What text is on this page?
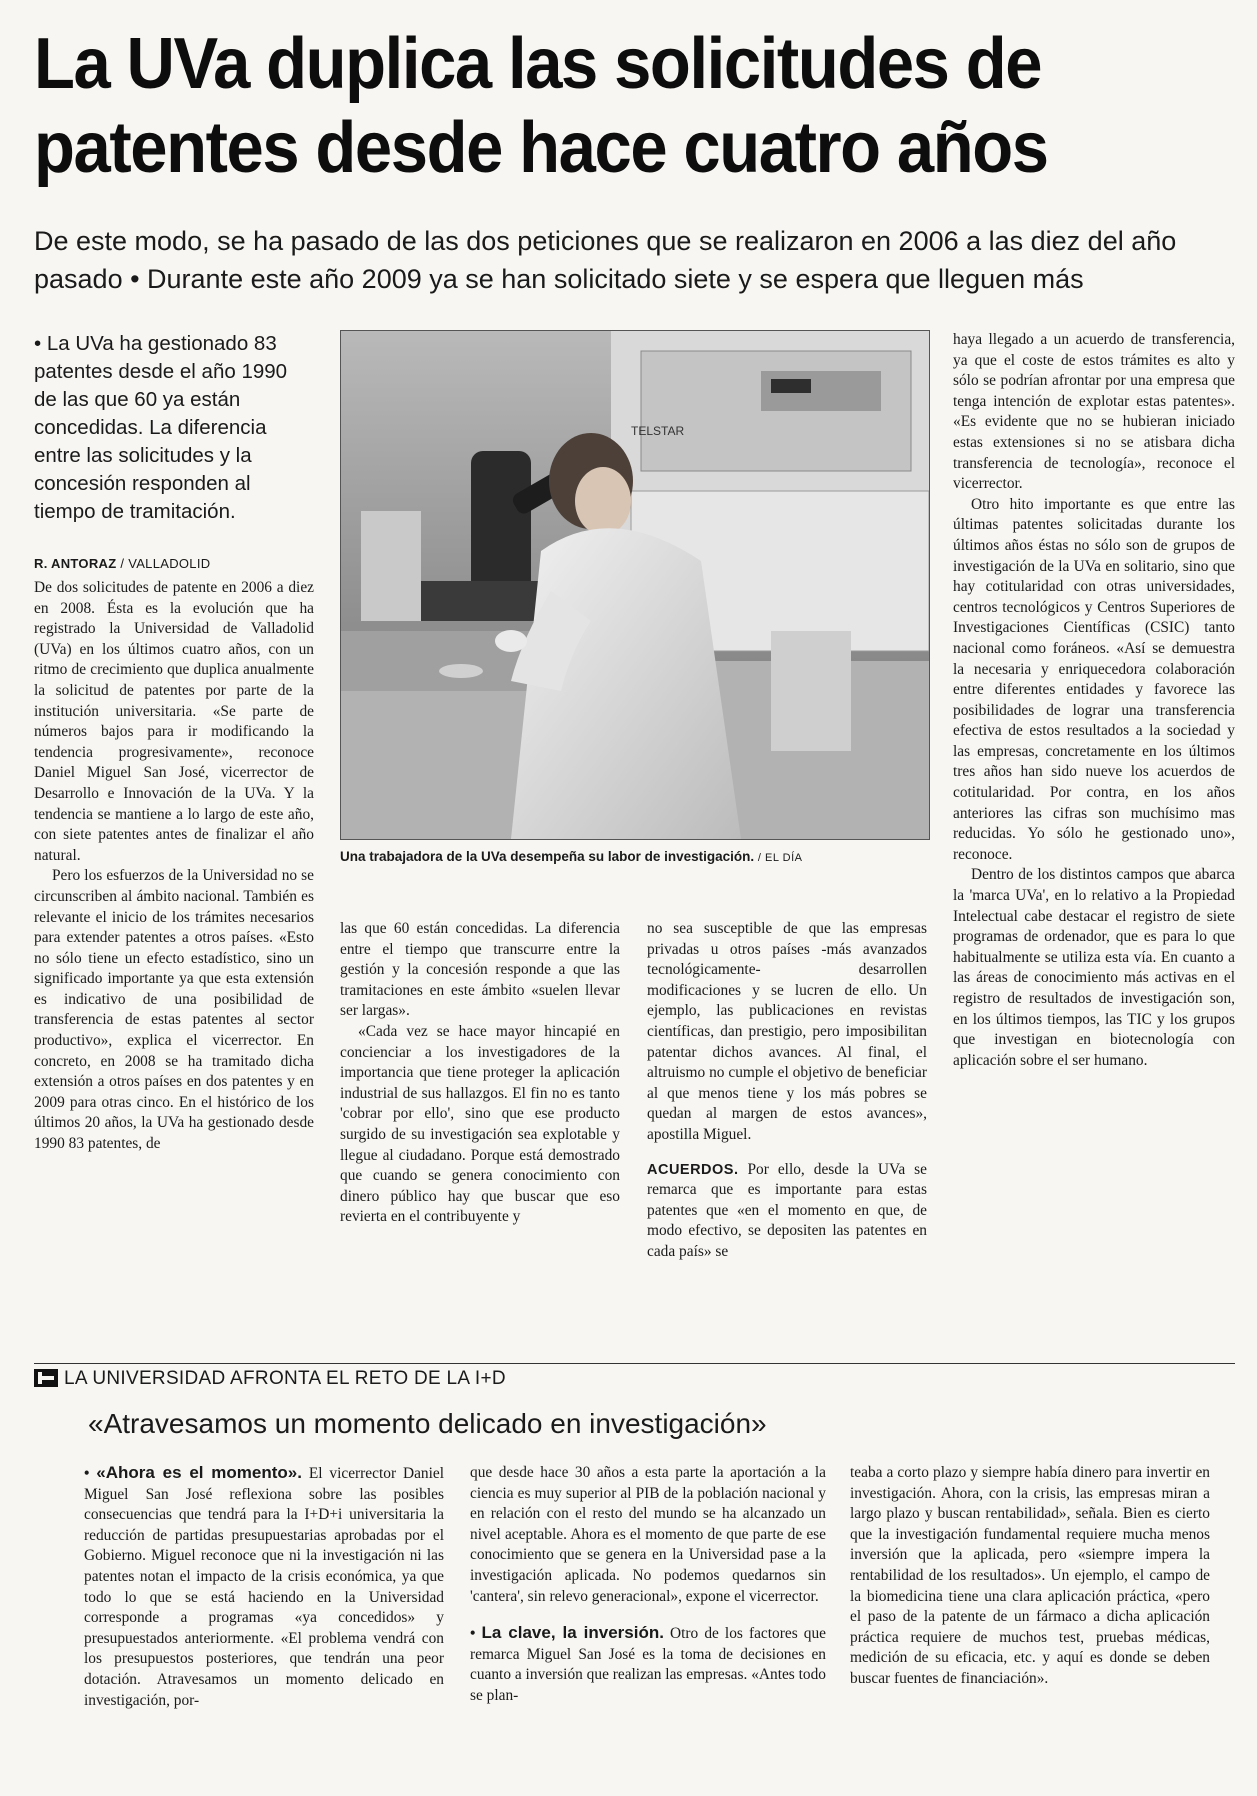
La UVa duplica las solicitudes de patentes desde hace cuatro años

De este modo, se ha pasado de las dos peticiones que se realizaron en 2006 a las diez del año pasado • Durante este año 2009 ya se han solicitado siete y se espera que lleguen más

• La UVa ha gestionado 83 patentes desde el año 1990 de las que 60 ya están concedidas. La diferencia entre las solicitudes y la concesión responden al tiempo de tramitación.

R. ANTORAZ / VALLADOLID

De dos solicitudes de patente en 2006 a diez en 2008. Ésta es la evolución que ha registrado la Universidad de Valladolid (UVa) en los últimos cuatro años, con un ritmo de crecimiento que duplica anualmente la solicitud de patentes por parte de la institución universitaria. «Se parte de números bajos para ir modificando la tendencia progresivamente», reconoce Daniel Miguel San José, vicerrector de Desarrollo e Innovación de la UVa. Y la tendencia se mantiene a lo largo de este año, con siete patentes antes de finalizar el año natural.

Pero los esfuerzos de la Universidad no se circunscriben al ámbito nacional. También es relevante el inicio de los trámites necesarios para extender patentes a otros países. «Esto no sólo tiene un efecto estadístico, sino un significado importante ya que esta extensión es indicativo de una posibilidad de transferencia de estas patentes al sector productivo», explica el vicerrector. En concreto, en 2008 se ha tramitado dicha extensión a otros países en dos patentes y en 2009 para otras cinco. En el histórico de los últimos 20 años, la UVa ha gestionado desde 1990 83 patentes, de

TELSTAR
Una trabajadora de la UVa desempeña su labor de investigación. / EL DÍA

las que 60 están concedidas. La diferencia entre el tiempo que transcurre entre la gestión y la concesión responde a que las tramitaciones en este ámbito «suelen llevar ser largas».

«Cada vez se hace mayor hincapié en concienciar a los investigadores de la importancia que tiene proteger la aplicación industrial de sus hallazgos. El fin no es tanto 'cobrar por ello', sino que ese producto surgido de su investigación sea explotable y llegue al ciudadano. Porque está demostrado que cuando se genera conocimiento con dinero público hay que buscar que eso revierta en el contribuyente y

no sea susceptible de que las empresas privadas u otros países -más avanzados tecnológicamente- desarrollen modificaciones y se lucren de ello. Un ejemplo, las publicaciones en revistas científicas, dan prestigio, pero imposibilitan patentar dichos avances. Al final, el altruismo no cumple el objetivo de beneficiar al que menos tiene y los más pobres se quedan al margen de estos avances», apostilla Miguel.

ACUERDOS. Por ello, desde la UVa se remarca que es importante para estas patentes que «en el momento en que, de modo efectivo, se depositen las patentes en cada país» se

haya llegado a un acuerdo de transferencia, ya que el coste de estos trámites es alto y sólo se podrían afrontar por una empresa que tenga intención de explotar estas patentes». «Es evidente que no se hubieran iniciado estas extensiones si no se atisbara dicha transferencia de tecnología», reconoce el vicerrector.

Otro hito importante es que entre las últimas patentes solicitadas durante los últimos años éstas no sólo son de grupos de investigación de la UVa en solitario, sino que hay cotitularidad con otras universidades, centros tecnológicos y Centros Superiores de Investigaciones Científicas (CSIC) tanto nacional como foráneos. «Así se demuestra la necesaria y enriquecedora colaboración entre diferentes entidades y favorece las posibilidades de lograr una transferencia efectiva de estos resultados a la sociedad y las empresas, concretamente en los últimos tres años han sido nueve los acuerdos de cotitularidad. Por contra, en los años anteriores las cifras son muchísimo mas reducidas. Yo sólo he gestionado uno», reconoce.

Dentro de los distintos campos que abarca la 'marca UVa', en lo relativo a la Propiedad Intelectual cabe destacar el registro de siete programas de ordenador, que es para lo que habitualmente se utiliza esta vía. En cuanto a las áreas de conocimiento más activas en el registro de resultados de investigación son, en los últimos tiempos, las TIC y los grupos que investigan en biotecnología con aplicación sobre el ser humano.

LA UNIVERSIDAD AFRONTA EL RETO DE LA I+D
«Atravesamos un momento delicado en investigación»

• «Ahora es el momento». El vicerrector Daniel Miguel San José reflexiona sobre las posibles consecuencias que tendrá para la I+D+i universitaria la reducción de partidas presupuestarias aprobadas por el Gobierno. Miguel reconoce que ni la investigación ni las patentes notan el impacto de la crisis económica, ya que todo lo que se está haciendo en la Universidad corresponde a programas «ya concedidos» y presupuestados anteriormente. «El problema vendrá con los presupuestos posteriores, que tendrán una peor dotación. Atravesamos un momento delicado en investigación, por-

que desde hace 30 años a esta parte la aportación a la ciencia es muy superior al PIB de la población nacional y en relación con el resto del mundo se ha alcanzado un nivel aceptable. Ahora es el momento de que parte de ese conocimiento que se genera en la Universidad pase a la investigación aplicada. No podemos quedarnos sin 'cantera', sin relevo generacional», expone el vicerrector.

• La clave, la inversión. Otro de los factores que remarca Miguel San José es la toma de decisiones en cuanto a inversión que realizan las empresas. «Antes todo se plan-

teaba a corto plazo y siempre había dinero para invertir en investigación. Ahora, con la crisis, las empresas miran a largo plazo y buscan rentabilidad», señala. Bien es cierto que la investigación fundamental requiere mucha menos inversión que la aplicada, pero «siempre impera la rentabilidad de los resultados». Un ejemplo, el campo de la biomedicina tiene una clara aplicación práctica, «pero el paso de la patente de un fármaco a dicha aplicación práctica requiere de muchos test, pruebas médicas, medición de su eficacia, etc. y aquí es donde se deben buscar fuentes de financiación».
